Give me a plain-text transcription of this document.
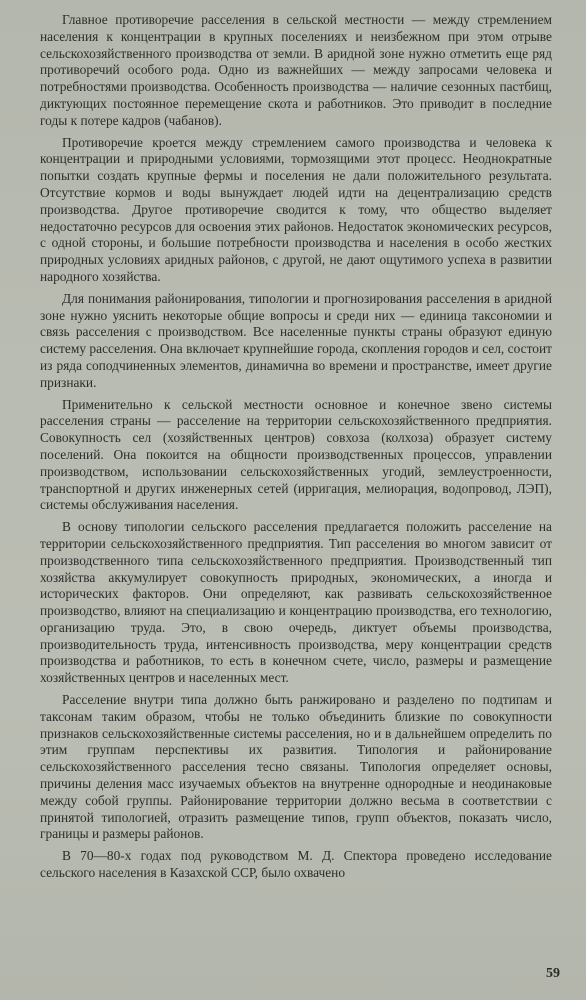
Главное противоречие расселения в сельской местности — между стремлением населения к концентрации в крупных поселениях и неизбежном при этом отрыве сельскохозяйственного производства от земли. В аридной зоне нужно отметить еще ряд противоречий особого рода. Одно из важнейших — между запросами человека и потребностями производства. Особенность производства — наличие сезонных пастбищ, диктующих постоянное перемещение скота и работников. Это приводит в последние годы к потере кадров (чабанов).

Противоречие кроется между стремлением самого производства и человека к концентрации и природными условиями, тормозящими этот процесс. Неоднократные попытки создать крупные фермы и поселения не дали положительного результата. Отсутствие кормов и воды вынуждает людей идти на децентрализацию средств производства. Другое противоречие сводится к тому, что общество выделяет недостаточно ресурсов для освоения этих районов. Недостаток экономических ресурсов, с одной стороны, и большие потребности производства и населения в особо жестких природных условиях аридных районов, с другой, не дают ощутимого успеха в развитии народного хозяйства.

Для понимания районирования, типологии и прогнозирования расселения в аридной зоне нужно уяснить некоторые общие вопросы и среди них — единица таксономии и связь расселения с производством. Все населенные пункты страны образуют единую систему расселения. Она включает крупнейшие города, скопления городов и сел, состоит из ряда соподчиненных элементов, динамична во времени и пространстве, имеет другие признаки.

Применительно к сельской местности основное и конечное звено системы расселения страны — расселение на территории сельскохозяйственного предприятия. Совокупность сел (хозяйственных центров) совхоза (колхоза) образует систему поселений. Она покоится на общности производственных процессов, управлении производством, использовании сельскохозяйственных угодий, землеустроенности, транспортной и других инженерных сетей (ирригация, мелиорация, водопровод, ЛЭП), системы обслуживания населения.

В основу типологии сельского расселения предлагается положить расселение на территории сельскохозяйственного предприятия. Тип расселения во многом зависит от производственного типа сельскохозяйственного предприятия. Производственный тип хозяйства аккумулирует совокупность природных, экономических, а иногда и исторических факторов. Они определяют, как развивать сельскохозяйственное производство, влияют на специализацию и концентрацию производства, его технологию, организацию труда. Это, в свою очередь, диктует объемы производства, производительность труда, интенсивность производства, меру концентрации средств производства и работников, то есть в конечном счете, число, размеры и размещение хозяйственных центров и населенных мест.

Расселение внутри типа должно быть ранжировано и разделено по подтипам и таксонам таким образом, чтобы не только объединить близкие по совокупности признаков сельскохозяйственные системы расселения, но и в дальнейшем определить по этим группам перспективы их развития. Типология и районирование сельскохозяйственного расселения тесно связаны. Типология определяет основы, причины деления масс изучаемых объектов на внутренне однородные и неодинаковые между собой группы. Районирование территории должно весьма в соответствии с принятой типологией, отразить размещение типов, групп объектов, показать число, границы и размеры районов.

В 70—80-х годах под руководством М. Д. Спектора проведено исследование сельского населения в Казахской ССР, было охвачено

59
